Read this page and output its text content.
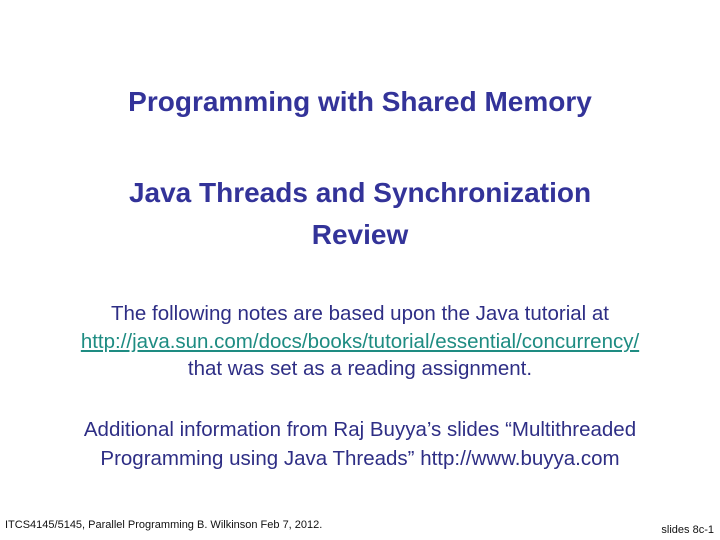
Programming with Shared Memory
Java Threads and Synchronization
Review
The following notes are based upon the Java tutorial at
http://java.sun.com/docs/books/tutorial/essential/concurrency/
that was set as a reading assignment.
Additional information from Raj Buyya’s slides “Multithreaded
Programming using Java Threads” http://www.buyya.com
ITCS4145/5145, Parallel Programming B. Wilkinson Feb 7, 2012.	slides 8c-1
